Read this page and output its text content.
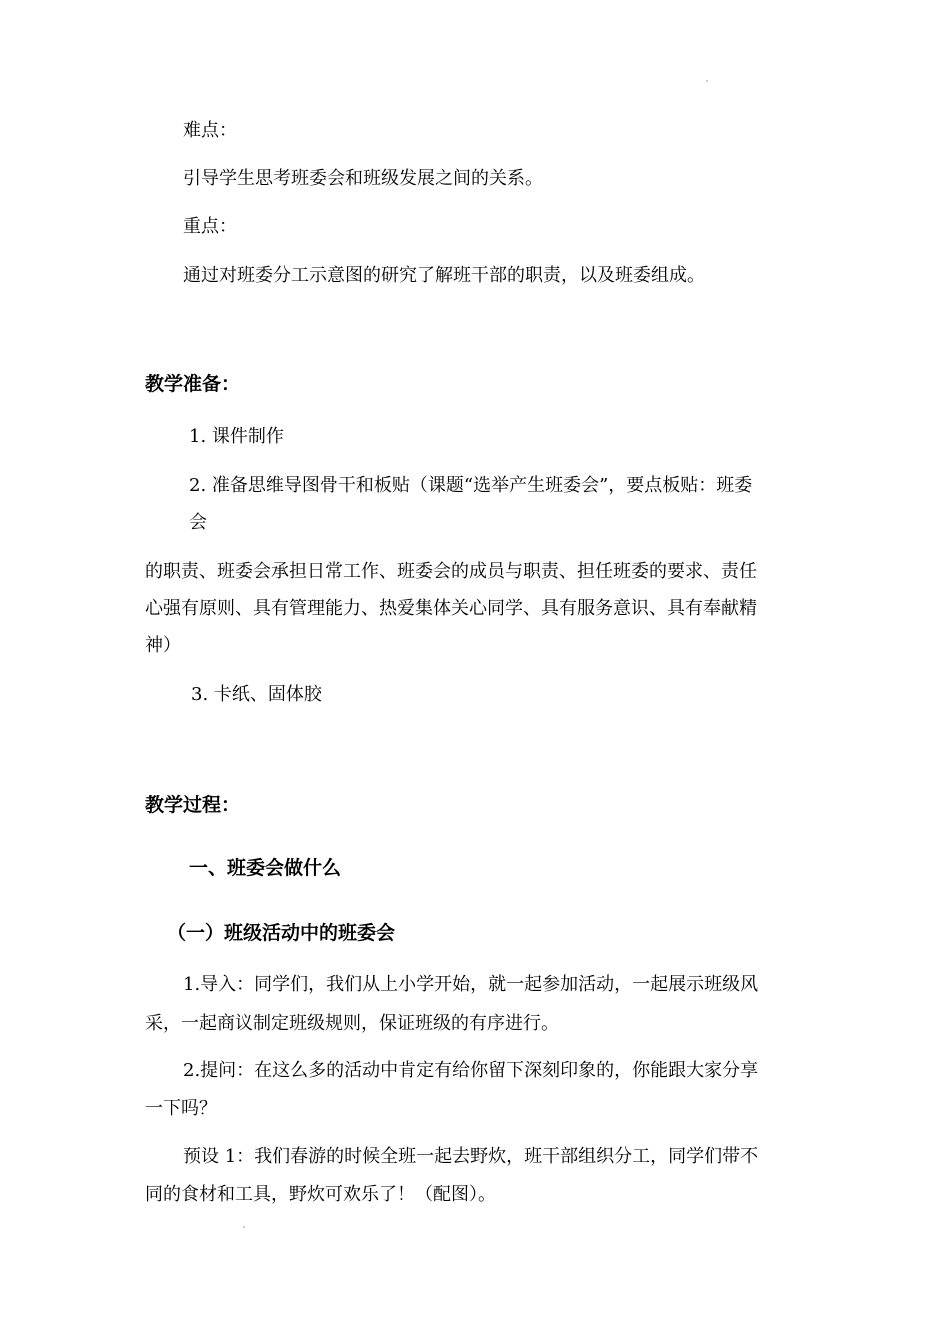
难点：
引导学生思考班委会和班级发展之间的关系。
重点：
通过对班委分工示意图的研究了解班干部的职责，以及班委组成。
教学准备：
1. 课件制作
2. 准备思维导图骨干和板贴（课题“选举产生班委会”，要点板贴：班委
会
的职责、班委会承担日常工作、班委会的成员与职责、担任班委的要求、责任
心强有原则、具有管理能力、热爱集体关心同学、具有服务意识、具有奉献精
神）
3. 卡纸、固体胶
教学过程：
一、班委会做什么
（一）班级活动中的班委会
1.导入：同学们，我们从上小学开始，就一起参加活动，一起展示班级风
采，一起商议制定班级规则，保证班级的有序进行。
2.提问：在这么多的活动中肯定有给你留下深刻印象的，你能跟大家分享
一下吗？
预设 1：我们春游的时候全班一起去野炊，班干部组织分工，同学们带不
同的食材和工具，野炊可欢乐了！（配图）。
